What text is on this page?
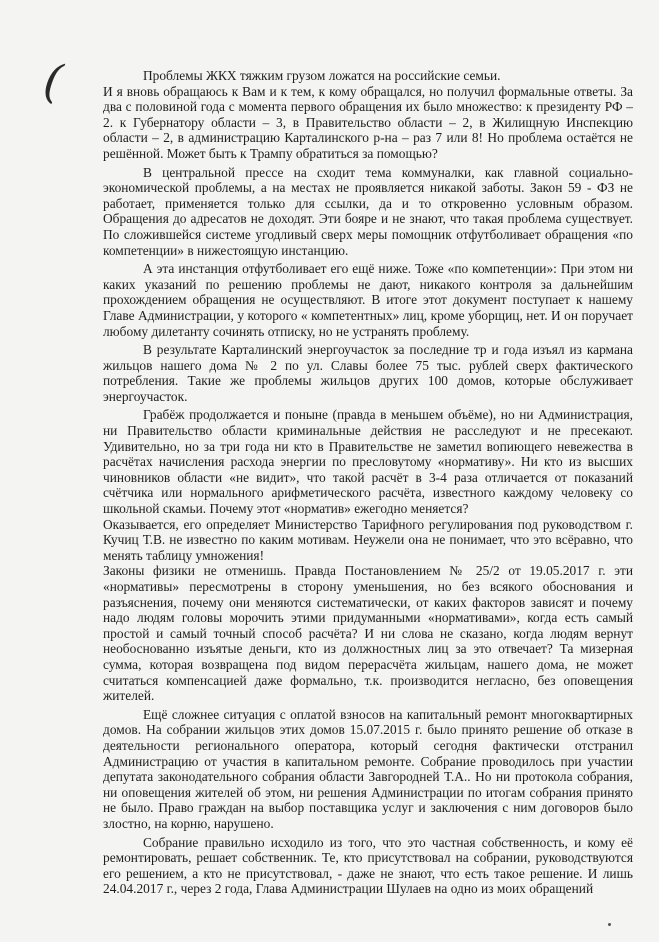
(	Проблемы ЖКХ тяжким грузом ложатся на российские семьи.

И я вновь обращаюсь к Вам и к тем, к кому обращался, но получил формальные ответы. За два с половиной года с момента первого обращения их было множество: к президенту РФ – 2. к Губернатору области – 3, в Правительство области – 2, в Жилищную Инспекцию области – 2, в администрацию Карталинского р-на – раз 7 или 8! Но проблема остаётся не решённой. Может быть к Трампу обратиться за помощью?

В центральной прессе на сходит тема коммуналки, как главной социально-экономической проблемы, а на местах не проявляется никакой заботы. Закон 59 - ФЗ не работает, применяется только для ссылки, да и то откровенно условным образом. Обращения до адресатов не доходят. Эти бояре и не знают, что такая проблема существует. По сложившейся системе угодливый сверх меры помощник отфутболивает обращения «по компетенции» в нижестоящую инстанцию.

А эта инстанция отфутболивает его ещё ниже. Тоже «по компетенции»: При этом ни каких указаний по решению проблемы не дают, никакого контроля за дальнейшим прохождением обращения не осуществляют. В итоге этот документ поступает к нашему Главе Администрации, у которого « компетентных» лиц, кроме уборщиц, нет. И он поручает любому дилетанту сочинять отписку, но не устранять проблему.

В результате Карталинский энергоучасток за последние тр и года изъял из кармана жильцов нашего дома № 2 по ул. Славы более 75 тыс. рублей сверх фактического потребления. Такие же проблемы жильцов других 100 домов, которые обслуживает энергоучасток.

Грабёж продолжается и поныне (правда в меньшем объёме), но ни Администрация, ни Правительство области криминальные действия не расследуют и не пресекают. Удивительно, но за три года ни кто в Правительстве не заметил вопиющего невежества в расчётах начисления расхода энергии по пресловутому «нормативу». Ни кто из высших чиновников области «не видит», что такой расчёт в 3-4 раза отличается от показаний счётчика или нормального арифметического расчёта, известного каждому человеку со школьной скамьи. Почему этот «норматив» ежегодно меняется?

Оказывается, его определяет Министерство Тарифного регулирования под руководством г. Кучиц Т.В. не известно по каким мотивам. Неужели она не понимает, что это всёравно, что менять таблицу умножения!

Законы физики не отменишь. Правда Постановлением № 25/2 от 19.05.2017 г. эти «нормативы» пересмотрены в сторону уменьшения, но без всякого обоснования и разъяснения, почему они меняются систематически, от каких факторов зависят и почему надо людям головы морочить этими придуманными «нормативами», когда есть самый простой и самый точный способ расчёта? И ни слова не сказано, когда людям вернут необоснованно изъятые деньги, кто из должностных лиц за это отвечает? Та мизерная сумма, которая возвращена под видом перерасчёта жильцам, нашего дома, не может считаться компенсацией даже формально, т.к. производится негласно, без оповещения жителей.

Ещё сложнее ситуация с оплатой взносов на капитальный ремонт многоквартирных домов. На собрании жильцов этих домов 15.07.2015 г. было принято решение об отказе в деятельности регионального оператора, который сегодня фактически отстранил Администрацию от участия в капитальном ремонте. Собрание проводилось при участии депутата законодательного собрания области Завгородней Т.А.. Но ни протокола собрания, ни оповещения жителей об этом, ни решения Администрации по итогам собрания принято не было. Право граждан на выбор поставщика услуг и заключения с ним договоров было злостно, на корню, нарушено.

Собрание правильно исходило из того, что это частная собственность, и кому её ремонтировать, решает собственник. Те, кто присутствовал на собрании, руководствуются его решением, а кто не присутствовал, - даже не знают, что есть такое решение. И лишь 24.04.2017 г., через 2 года, Глава Администрации Шулаев на одно из моих обращений
